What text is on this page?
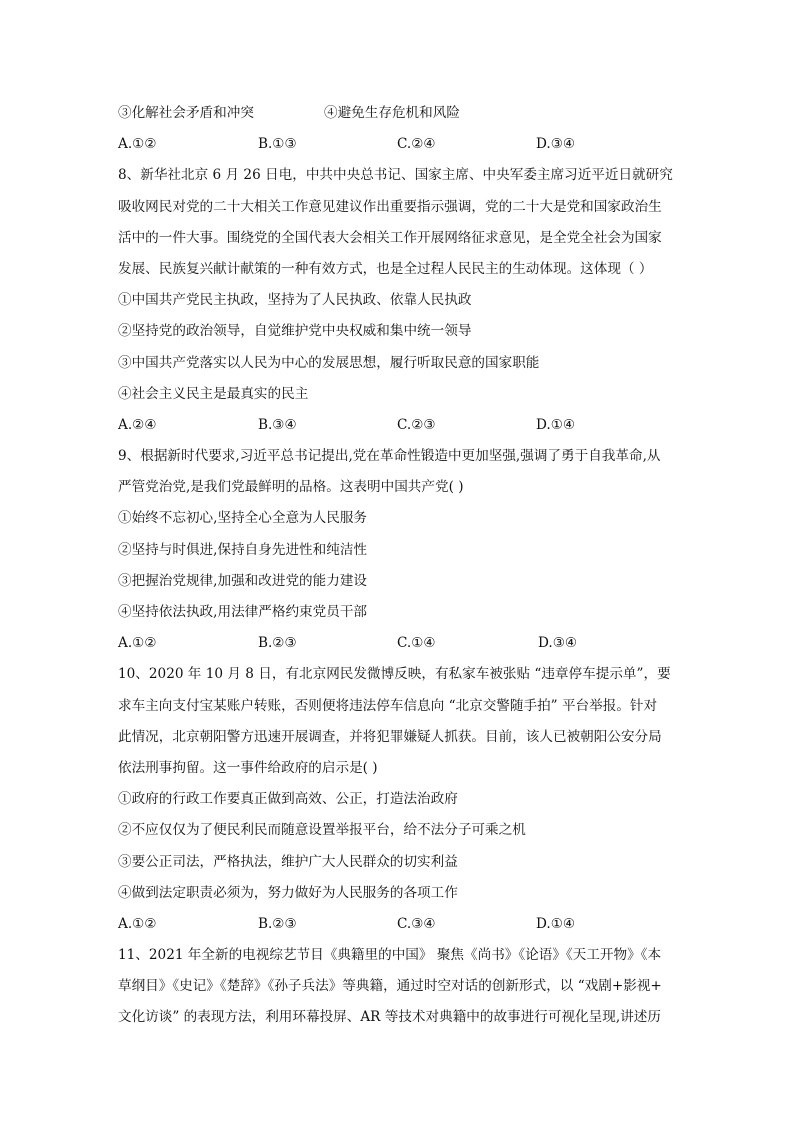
③化解社会矛盾和冲突	④避免生存危机和风险
A.①②	B.①③	C.②④	D.③④
8、新华社北京 6 月 26 日电，中共中央总书记、国家主席、中央军委主席习近平近日就研究
吸收网民对党的二十大相关工作意见建议作出重要指示强调，党的二十大是党和国家政治生
活中的一件大事。围绕党的全国代表大会相关工作开展网络征求意见，是全党全社会为国家
发展、民族复兴献计献策的一种有效方式，也是全过程人民民主的生动体现。这体现（ ）
①中国共产党民主执政，坚持为了人民执政、依靠人民执政
②坚持党的政治领导，自觉维护党中央权威和集中统一领导
③中国共产党落实以人民为中心的发展思想，履行听取民意的国家职能
④社会主义民主是最真实的民主
A.②④	B.③④	C.②③	D.①④
9、根据新时代要求,习近平总书记提出,党在革命性锻造中更加坚强,强调了勇于自我革命,从
严管党治党,是我们党最鲜明的品格。这表明中国共产党( )
①始终不忘初心,坚持全心全意为人民服务
②坚持与时俱进,保持自身先进性和纯洁性
③把握治党规律,加强和改进党的能力建设
④坚持依法执政,用法律严格约束党员干部
A.①②	B.②③	C.①④	D.③④
10、2020 年 10 月 8 日，有北京网民发微博反映，有私家车被张贴 “违章停车提示单”，要
求车主向支付宝某账户转账，否则便将违法停车信息向 “北京交警随手拍” 平台举报。针对
此情况，北京朝阳警方迅速开展调查，并将犯罪嫌疑人抓获。目前，该人已被朝阳公安分局
依法刑事拘留。这一事件给政府的启示是( )
①政府的行政工作要真正做到高效、公正，打造法治政府
②不应仅仅为了便民利民而随意设置举报平台，给不法分子可乘之机
③要公正司法，严格执法，维护广大人民群众的切实利益
④做到法定职责必须为，努力做好为人民服务的各项工作
A.①②	B.②③	C.③④	D.①④
11、2021 年全新的电视综艺节目《典籍里的中国》 聚焦《尚书》《论语》《天工开物》《本
草纲目》《史记》《楚辞》《孙子兵法》等典籍，通过时空对话的创新形式，以 “戏剧+影视+
文化访谈” 的表现方法，利用环幕投屏、AR 等技术对典籍中的故事进行可视化呈现,讲述历
